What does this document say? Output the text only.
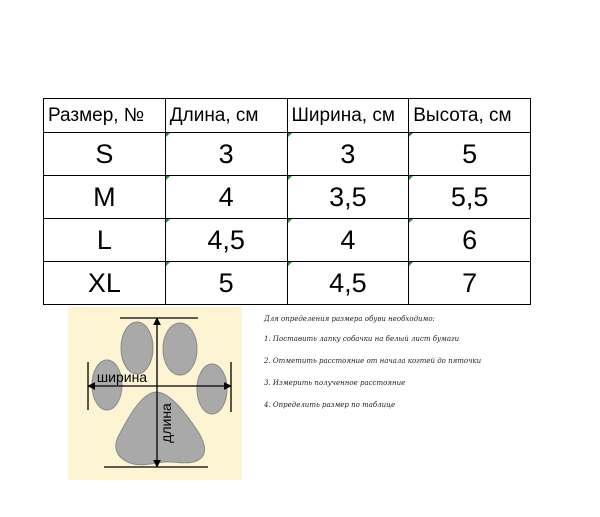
Размер, №	Длина, см	Ширина, см	Высота, см
S	3	3	5
M	4	3,5	5,5
L	4,5	4	6
XL	5	4,5	7
ширина
длина

Для определения размера обуви необходимо:

1. Поставить лапку собачки на белый лист бумаги
2. Отметить расстояние от начала когтей до пяточки
3. Измерить полученное расстояние
4. Определить размер по таблице
